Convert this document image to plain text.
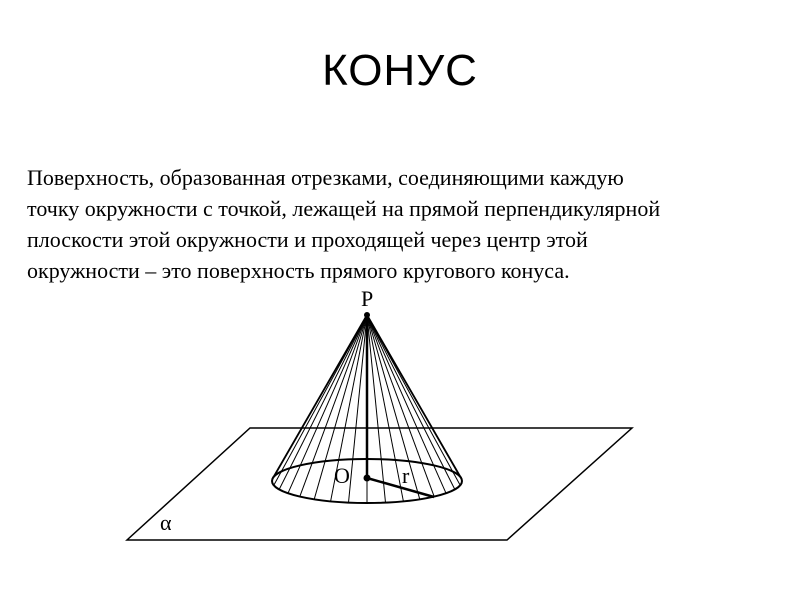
КОНУС
Поверхность, образованная отрезками, соединяющими каждую
точку окружности с точкой, лежащей на прямой перпендикулярной
плоскости этой окружности и проходящей через центр этой
окружности – это поверхность прямого кругового конуса.
P
O r
α
